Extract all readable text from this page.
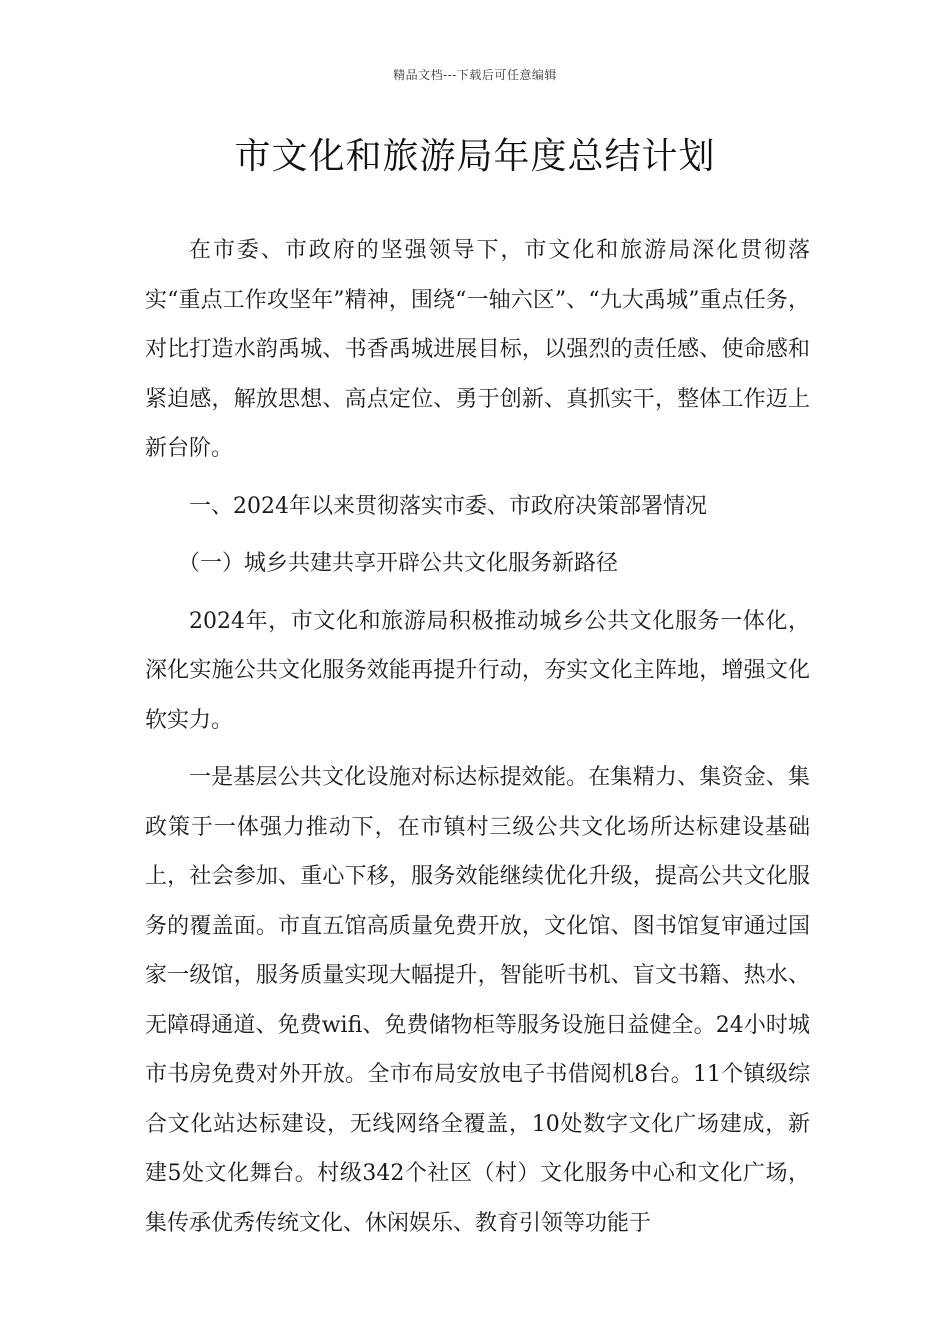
精品文档---下载后可任意编辑
市文化和旅游局年度总结计划

在市委、市政府的坚强领导下，市文化和旅游局深化贯彻落实“重点工作攻坚年”精神，围绕“一轴六区”、“九大禹城”重点任务，对比打造水韵禹城、书香禹城进展目标，以强烈的责任感、使命感和紧迫感，解放思想、高点定位、勇于创新、真抓实干，整体工作迈上新台阶。

一、2024年以来贯彻落实市委、市政府决策部署情况

（一）城乡共建共享开辟公共文化服务新路径

2024年，市文化和旅游局积极推动城乡公共文化服务一体化，深化实施公共文化服务效能再提升行动，夯实文化主阵地，增强文化软实力。

一是基层公共文化设施对标达标提效能。在集精力、集资金、集政策于一体强力推动下，在市镇村三级公共文化场所达标建设基础上，社会参加、重心下移，服务效能继续优化升级，提高公共文化服务的覆盖面。市直五馆高质量免费开放，文化馆、图书馆复审通过国家一级馆，服务质量实现大幅提升，智能听书机、盲文书籍、热水、无障碍通道、免费wifi、免费储物柜等服务设施日益健全。24小时城市书房免费对外开放。全市布局安放电子书借阅机8台。11个镇级综合文化站达标建设，无线网络全覆盖，10处数字文化广场建成，新建5处文化舞台。村级342个社区（村）文化服务中心和文化广场，集传承优秀传统文化、休闲娱乐、教育引领等功能于
